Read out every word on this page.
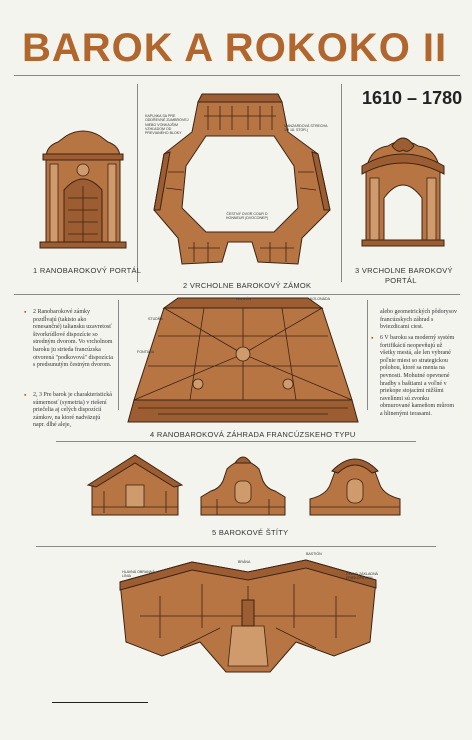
BAROK A ROKOKO II
1610 – 1780
1 RANOBAROKOVÝ PORTÁL
KAPLNKA SA PRE ODDŘEVNÉ ZUMBROVEJ NIEBO VONKAJŠIM VZHĽADOM OD PREVIANÉHO BLOKY
MANZARDOVÁ STRECHA 1M 18. STOR.)
ČESTNÝ DVOR COUR D HONNEUR (DVOCONEP)
2 VRCHOLNE BAROKOVÝ ZÁMOK
3 VRCHOLNE BAROKOVÝ
PORTÁL
▪ 2 Ranobarokové zámky pozdĺvajú (takisto ako renesančné) taliansku uzavretosť štvorkrídlové dispozície so stredným dvorom. Vo vrcholnom baroku ju strieda francúzska otvorená "podkovová" dispozícia s predsunutým čestným dvorom.
▪ 2, 3 Pre barok je charakteristická súmernosť (symetria) v riešení priečelia aj celých dispozícií zámkov, na ktoré nadväzujú napr. dlhé aleje,
PAVILÓN	KOLONÁDA
STUDŇA
FONTÁNA
4 RANOBAROKOVÁ ZÁHRADA FRANCÚZSKEHO TYPU
alebo geometrických pôdorysov francúzskych záhrad s bviezdicami ciest.
▪ 6 V baroku sa moderný systém fortifikácií neopevňujú už všetky mestá, ale len vybrané poľnie miest so strategickou polohou, ktoré sa menia na pevnosti. Mohutné opevnené hradby s baštiami a voľné v priekope stojacími nižšími ravelínmi sú zvonku obmurované kameňom mûrom a hlinenými terasami.
5 BAROKOVÉ ŠTÍTY
BRÁNA
BASTIÓN
HLAVNÁ OBRANNÁ LÍNIA
ČELNÁ ZÁKLADNÁ PRIEKOPA ZEM
